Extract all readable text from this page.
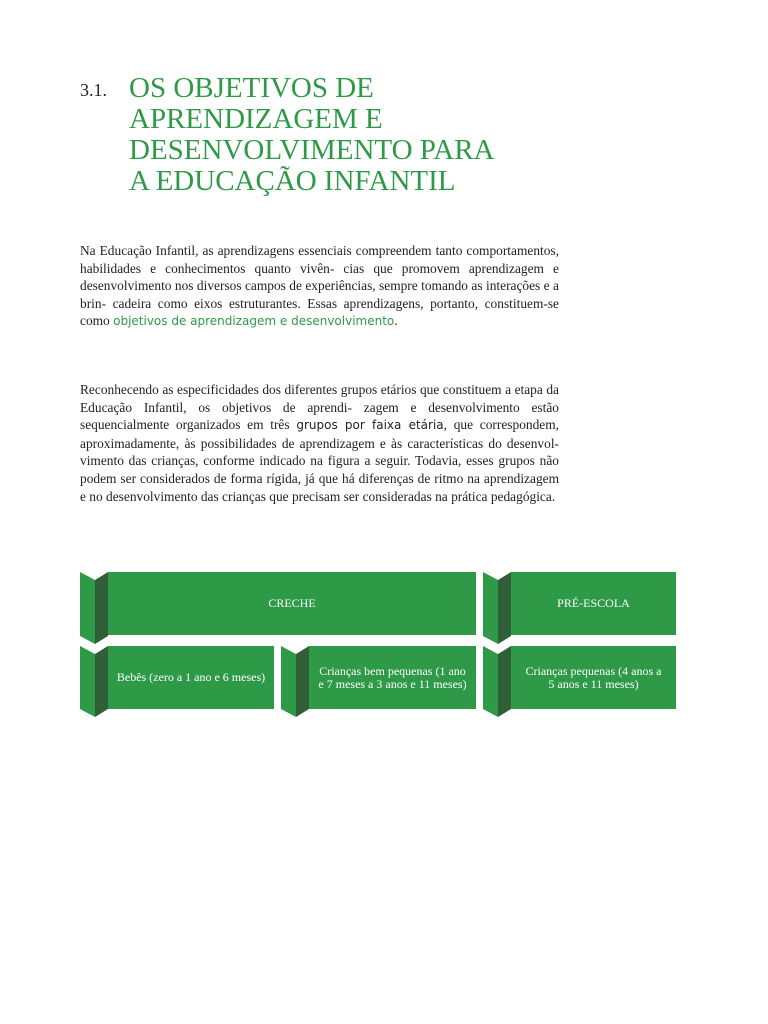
3.1. OS OBJETIVOS DE
APRENDIZAGEM E
DESENVOLVIMENTO PARA
A EDUCAÇÃO INFANTIL

Na Educação Infantil, as aprendizagens essenciais compreendem tanto comportamentos, habilidades e conhecimentos quanto vivên- cias que promovem aprendizagem e desenvolvimento nos diversos campos de experiências, sempre tomando as interações e a brin- cadeira como eixos estruturantes. Essas aprendizagens, portanto, constituem-se como objetivos de aprendizagem e desenvolvimento.

Reconhecendo as especificidades dos diferentes grupos etários que constituem a etapa da Educação Infantil, os objetivos de aprendi- zagem e desenvolvimento estão sequencialmente organizados em três grupos por faixa etária, que correspondem, aproximadamente, às possibilidades de aprendizagem e às características do desenvol- vimento das crianças, conforme indicado na figura a seguir. Todavia, esses grupos não podem ser considerados de forma rígida, já que há diferenças de ritmo na aprendizagem e no desenvolvimento das crianças que precisam ser consideradas na prática pedagógica.

CRECHE	PRÉ-ESCOLA
Bebês (zero a 1 ano e 6 meses)	Crianças bem pequenas (1 ano e 7 meses a 3 anos e 11 meses)
Crianças pequenas (4 anos a 5 anos e 11 meses)
